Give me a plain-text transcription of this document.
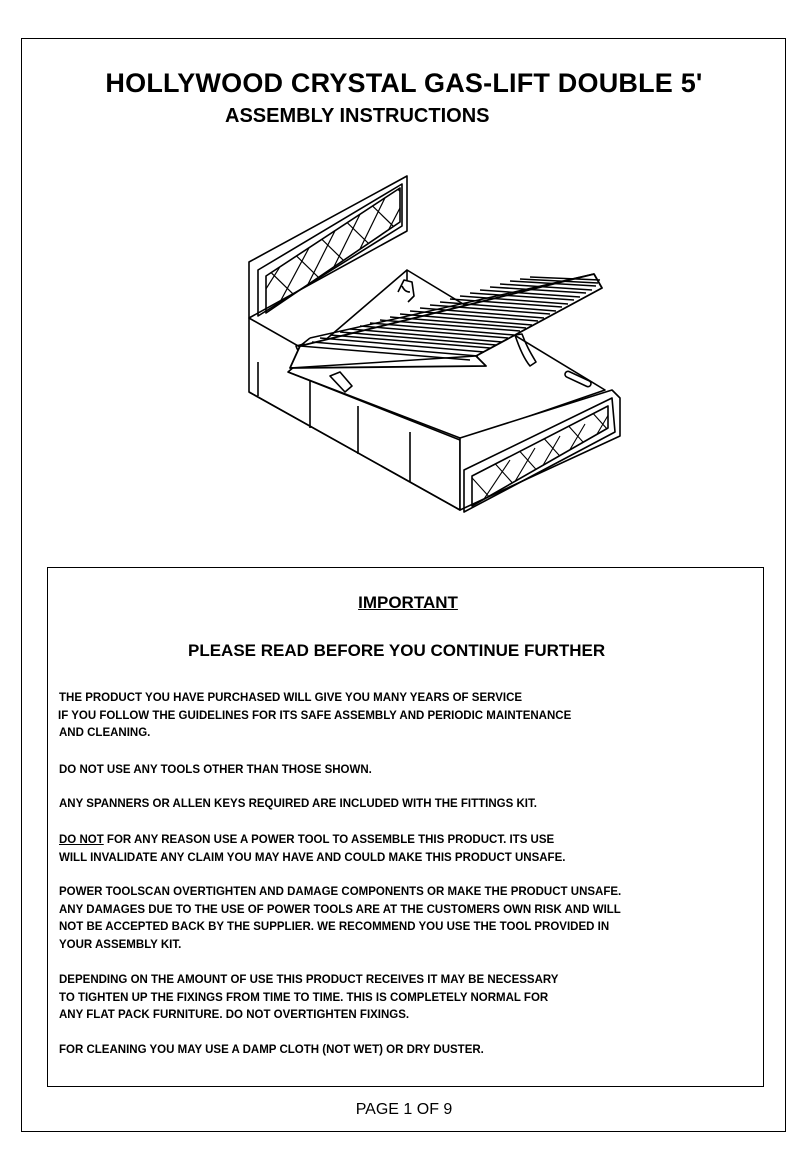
HOLLYWOOD CRYSTAL GAS-LIFT DOUBLE 5'
ASSEMBLY INSTRUCTIONS
IMPORTANT
PLEASE READ BEFORE YOU CONTINUE FURTHER
THE PRODUCT YOU HAVE PURCHASED WILL GIVE YOU MANY YEARS OF SERVICE
IF YOU FOLLOW THE GUIDELINES FOR ITS SAFE ASSEMBLY AND PERIODIC MAINTENANCE
AND CLEANING.
DO NOT USE ANY TOOLS OTHER THAN THOSE SHOWN.
ANY SPANNERS OR ALLEN KEYS REQUIRED ARE INCLUDED WITH THE FITTINGS KIT.
DO NOT FOR ANY REASON USE A POWER TOOL TO ASSEMBLE THIS PRODUCT. ITS USE
WILL INVALIDATE ANY CLAIM YOU MAY HAVE AND COULD MAKE THIS PRODUCT UNSAFE.
POWER TOOLSCAN OVERTIGHTEN AND DAMAGE COMPONENTS OR MAKE THE PRODUCT UNSAFE.
ANY DAMAGES DUE TO THE USE OF POWER TOOLS ARE AT THE CUSTOMERS OWN RISK AND WILL
NOT BE ACCEPTED BACK BY THE SUPPLIER. WE RECOMMEND YOU USE THE TOOL PROVIDED IN
YOUR ASSEMBLY KIT.
DEPENDING ON THE AMOUNT OF USE THIS PRODUCT RECEIVES IT MAY BE NECESSARY
TO TIGHTEN UP THE FIXINGS FROM TIME TO TIME. THIS IS COMPLETELY NORMAL FOR
ANY FLAT PACK FURNITURE. DO NOT OVERTIGHTEN FIXINGS.
FOR CLEANING YOU MAY USE A DAMP CLOTH (NOT WET) OR DRY DUSTER.
PAGE 1 OF 9
